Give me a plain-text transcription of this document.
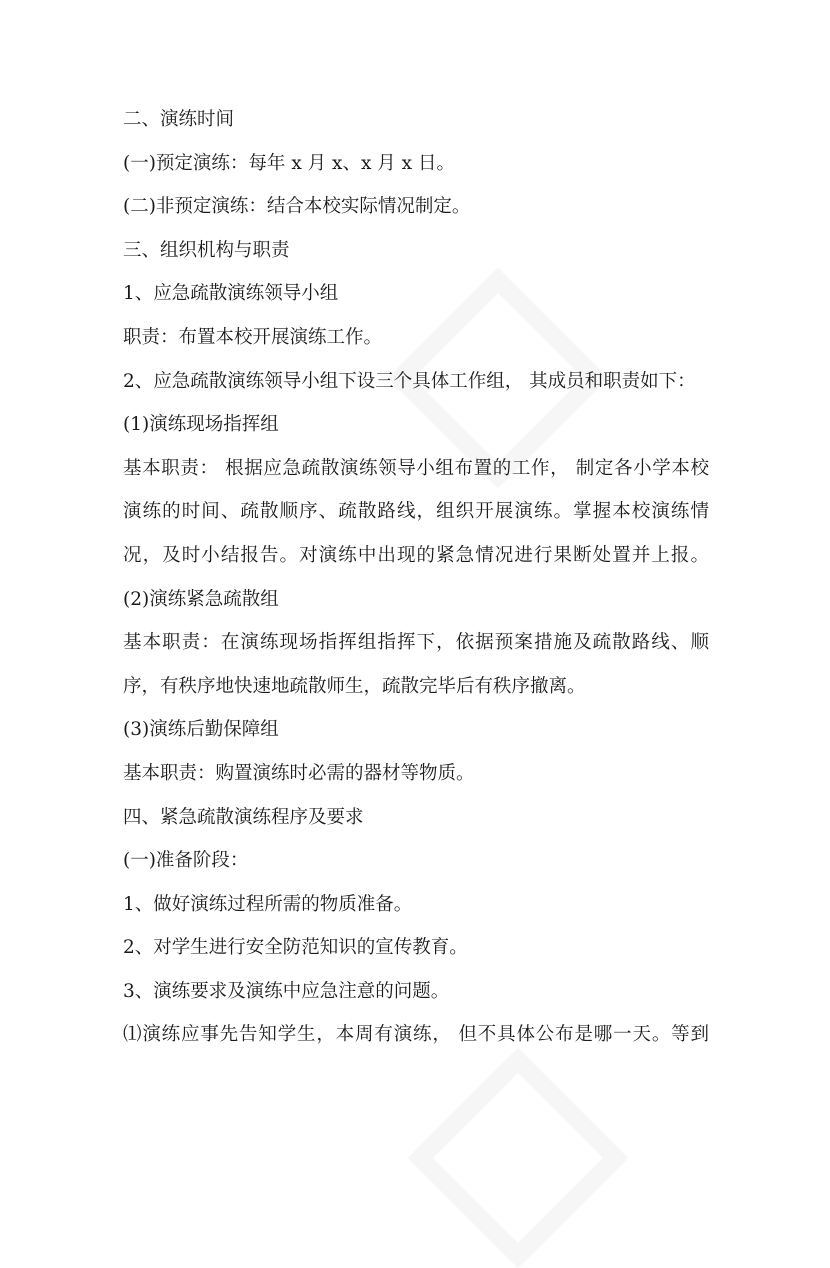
二、演练时间
(一)预定演练：每年 x 月 x、x 月 x 日。
(二)非预定演练：结合本校实际情况制定。
三、组织机构与职责
1、应急疏散演练领导小组
职责：布置本校开展演练工作。
2、应急疏散演练领导小组下设三个具体工作组， 其成员和职责如下：
(1)演练现场指挥组
基本职责： 根据应急疏散演练领导小组布置的工作， 制定各小学本校
演练的时间、疏散顺序、疏散路线，组织开展演练。掌握本校演练情
况，及时小结报告。对演练中出现的紧急情况进行果断处置并上报。
(2)演练紧急疏散组
基本职责：在演练现场指挥组指挥下，依据预案措施及疏散路线、顺
序，有秩序地快速地疏散师生，疏散完毕后有秩序撤离。
(3)演练后勤保障组
基本职责：购置演练时必需的器材等物质。
四、紧急疏散演练程序及要求
(一)准备阶段：
1、做好演练过程所需的物质准备。
2、对学生进行安全防范知识的宣传教育。
3、演练要求及演练中应急注意的问题。
⑴演练应事先告知学生，本周有演练， 但不具体公布是哪一天。等到
